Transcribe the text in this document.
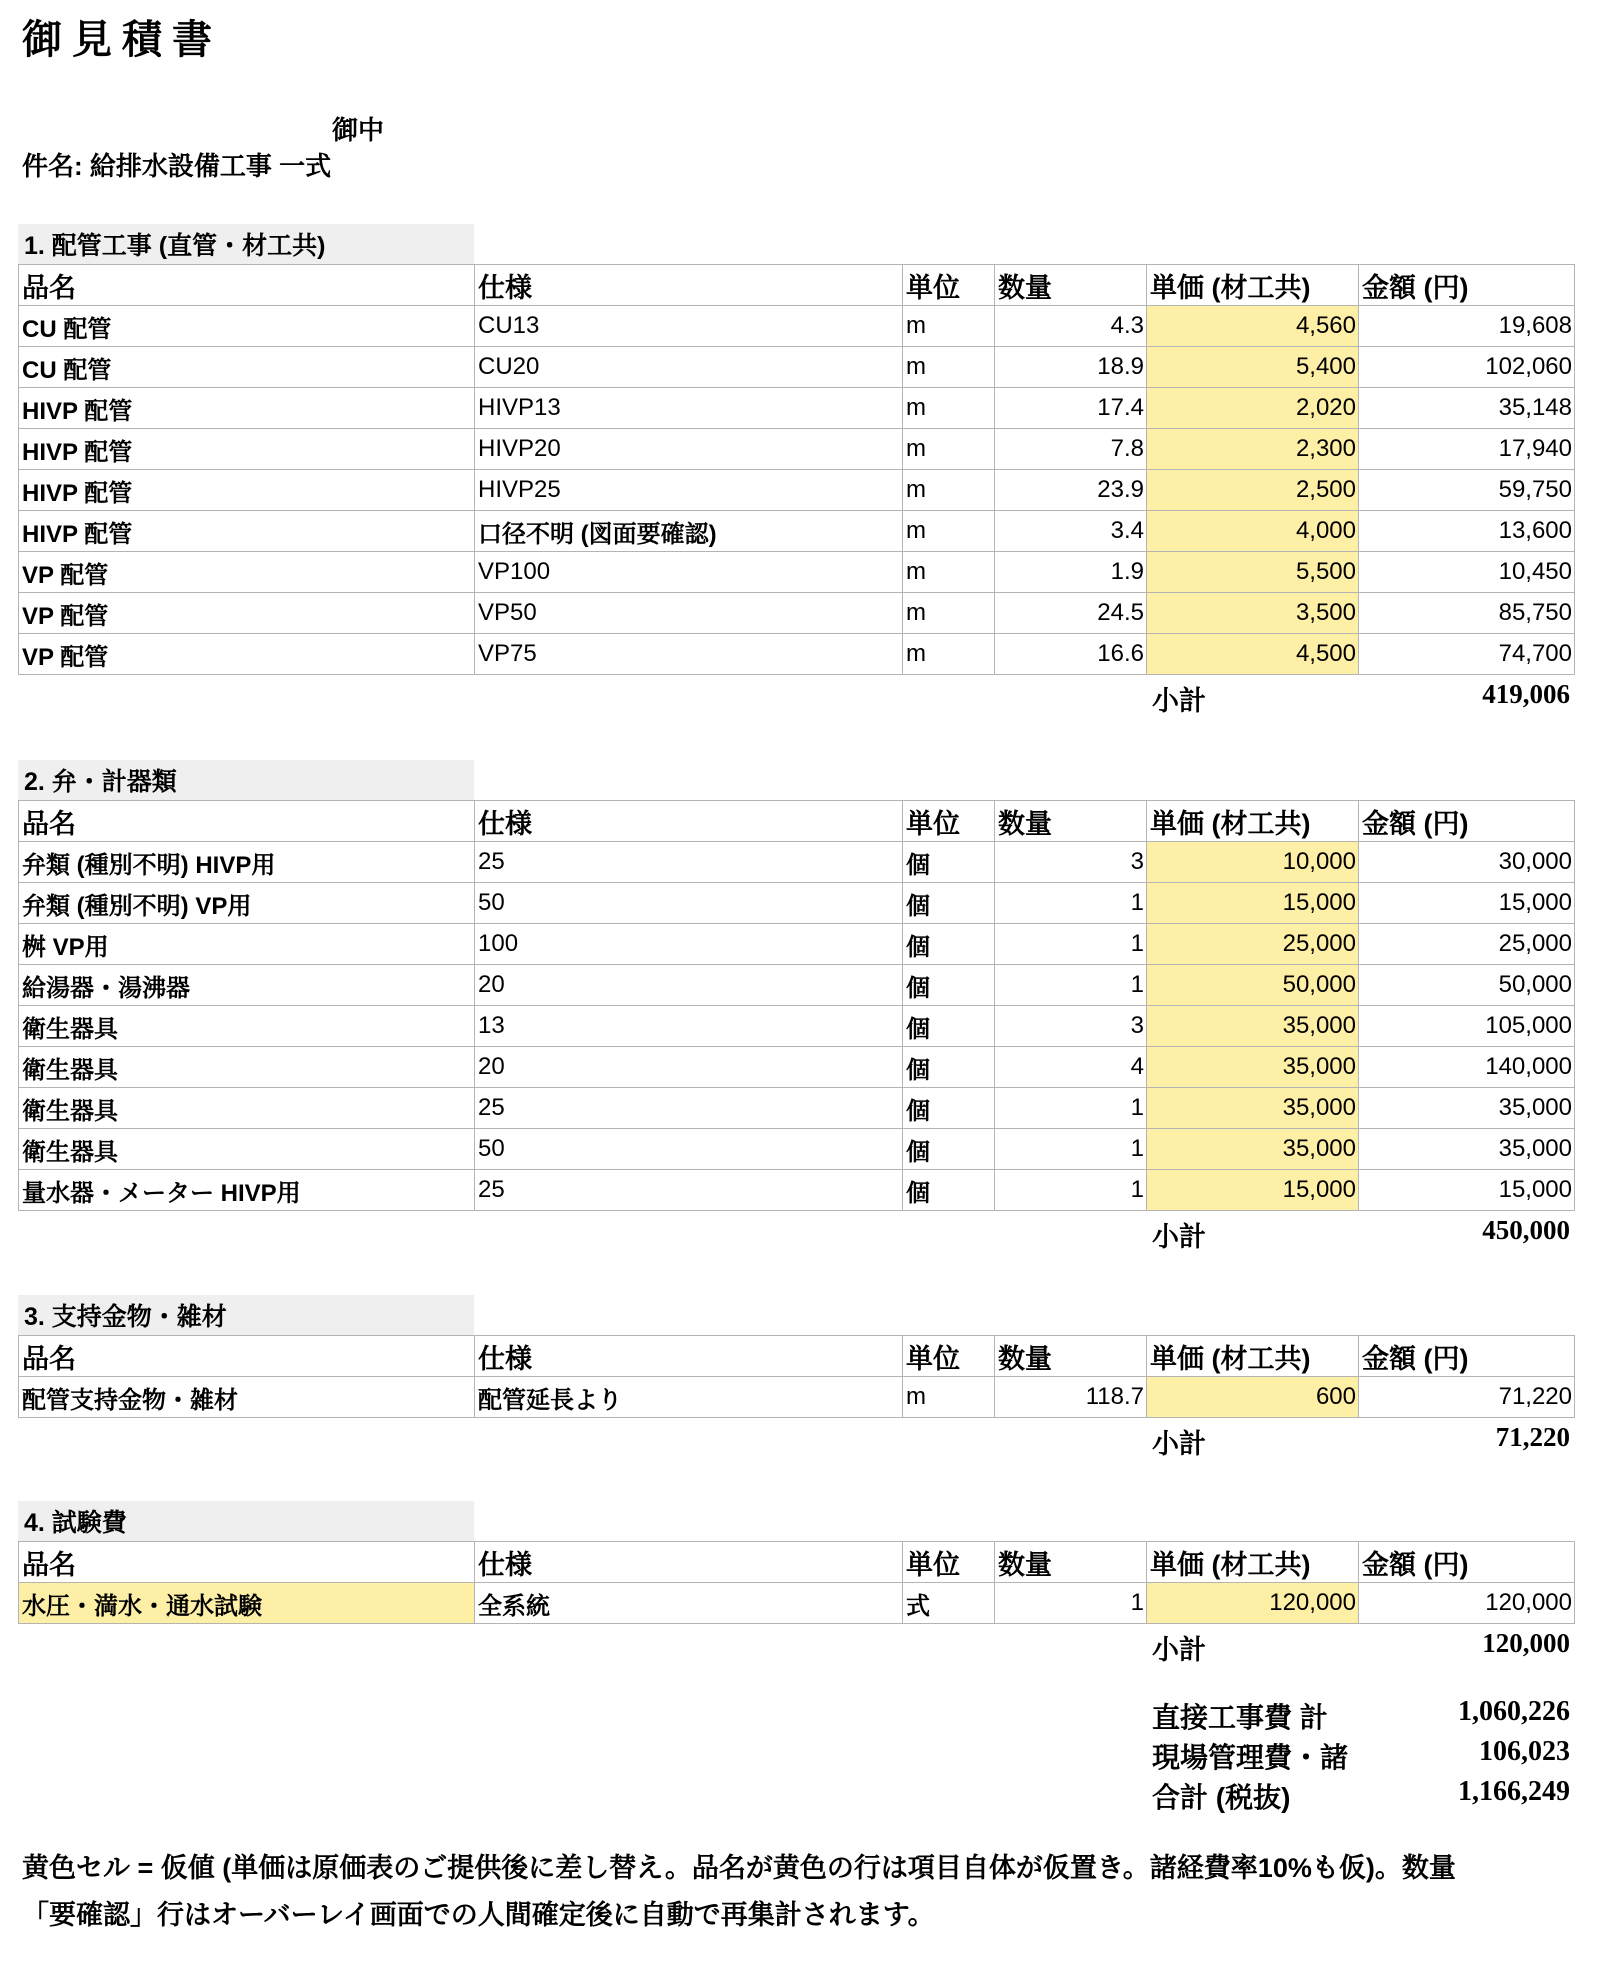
御見積書
御中
件名: 給排水設備工事 一式
1. 配管工事 (直管・材工共)
品名	仕様	単位	数量	単価 (材工共)	金額 (円)
CU 配管	CU13	m	4.3	4,560	19,608
CU 配管	CU20	m	18.9	5,400	102,060
HIVP 配管	HIVP13	m	17.4	2,020	35,148
HIVP 配管	HIVP20	m	7.8	2,300	17,940
HIVP 配管	HIVP25	m	23.9	2,500	59,750
HIVP 配管	口径不明 (図面要確認)	m	3.4	4,000	13,600
VP 配管	VP100	m	1.9	5,500	10,450
VP 配管	VP50	m	24.5	3,500	85,750
VP 配管	VP75	m	16.6	4,500	74,700
小計	419,006
2. 弁・計器類
品名	仕様	単位	数量	単価 (材工共)	金額 (円)
弁類 (種別不明) HIVP用	25	個	3	10,000	30,000
弁類 (種別不明) VP用	50	個	1	15,000	15,000
桝 VP用	100	個	1	25,000	25,000
給湯器・湯沸器	20	個	1	50,000	50,000
衛生器具	13	個	3	35,000	105,000
衛生器具	20	個	4	35,000	140,000
衛生器具	25	個	1	35,000	35,000
衛生器具	50	個	1	35,000	35,000
量水器・メーター HIVP用	25	個	1	15,000	15,000
小計	450,000
3. 支持金物・雑材
品名	仕様	単位	数量	単価 (材工共)	金額 (円)
配管支持金物・雑材	配管延長より	m	118.7	600	71,220
小計	71,220
4. 試験費
品名	仕様	単位	数量	単価 (材工共)	金額 (円)
水圧・満水・通水試験	全系統	式	1	120,000	120,000
小計	120,000
直接工事費 計	1,060,226
現場管理費・諸	106,023
合計 (税抜)	1,166,249
黄色セル = 仮値 (単価は原価表のご提供後に差し替え。品名が黄色の行は項目自体が仮置き。諸経費率10%も仮)。数量
「要確認」行はオーバーレイ画面での人間確定後に自動で再集計されます。
